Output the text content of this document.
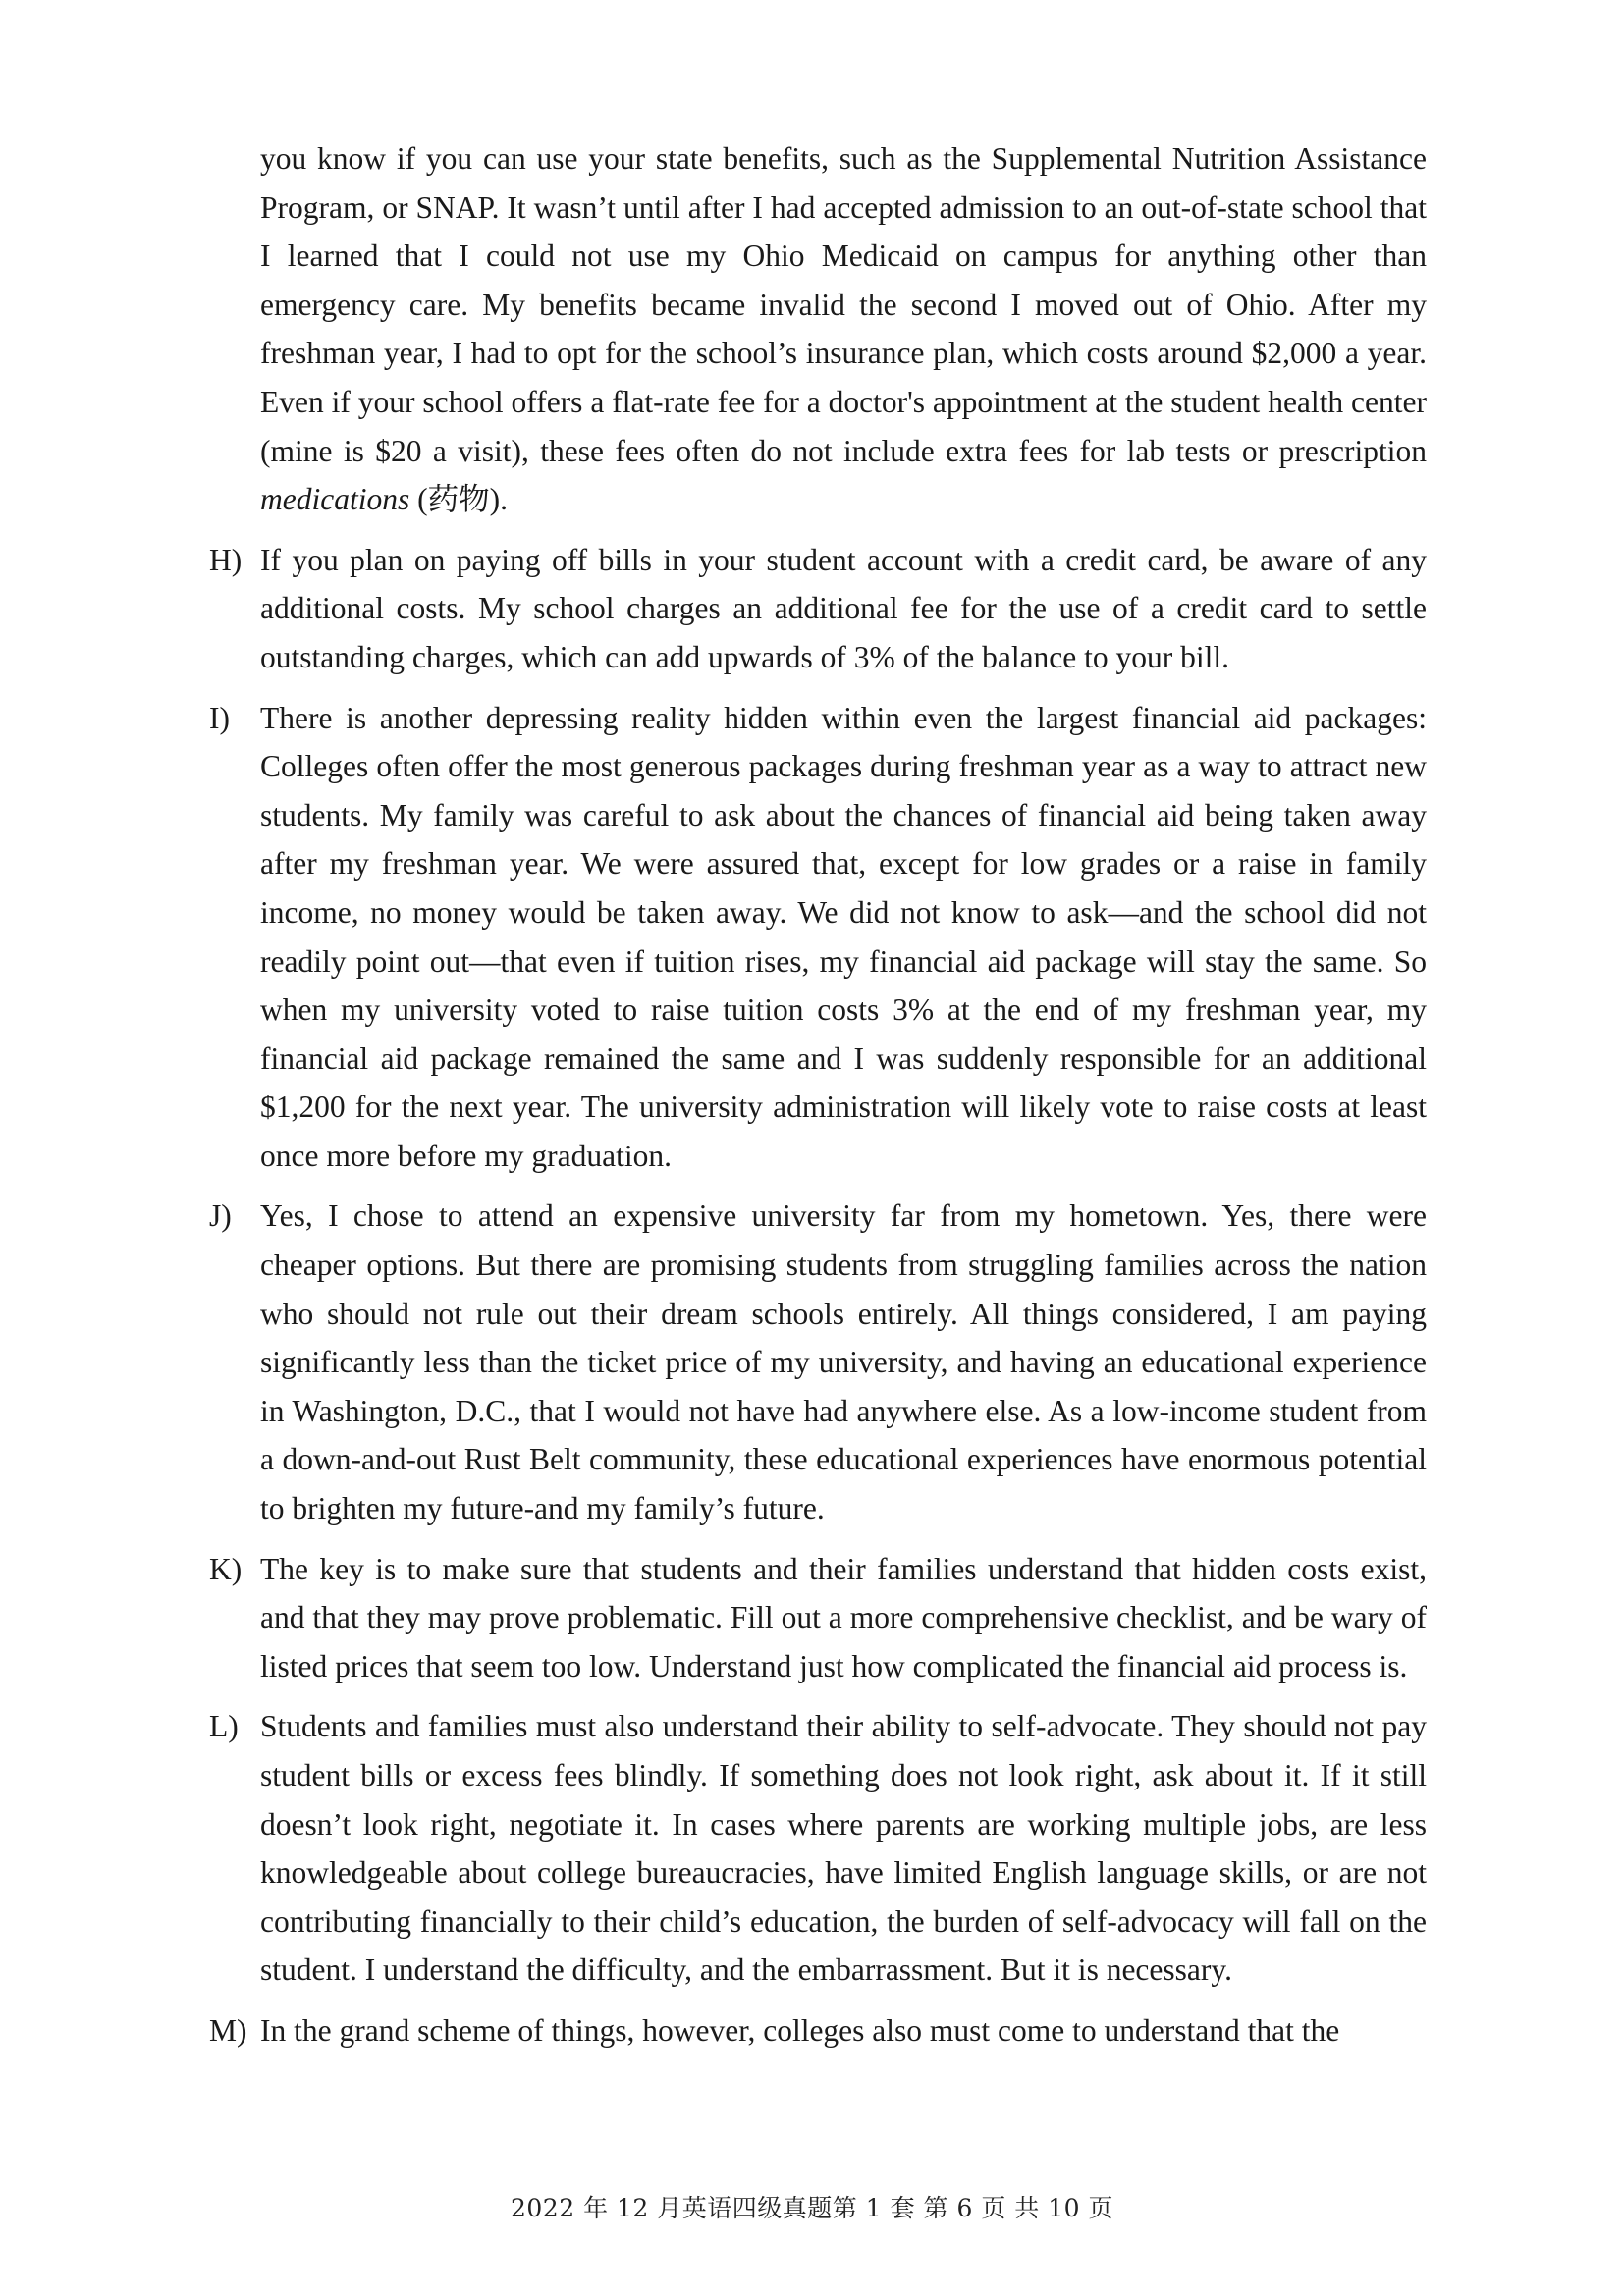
you know if you can use your state benefits, such as the Supplemental Nutrition Assistance Program, or SNAP. It wasn’t until after I had accepted admission to an out-of-state school that I learned that I could not use my Ohio Medicaid on campus for anything other than emergency care. My benefits became invalid the second I moved out of Ohio. After my freshman year, I had to opt for the school’s insurance plan, which costs around $2,000 a year. Even if your school offers a flat-rate fee for a doctor's appointment at the student health center (mine is $20 a visit), these fees often do not include extra fees for lab tests or prescription medications (药物).

H) If you plan on paying off bills in your student account with a credit card, be aware of any additional costs. My school charges an additional fee for the use of a credit card to settle outstanding charges, which can add upwards of 3% of the balance to your bill.

I) There is another depressing reality hidden within even the largest financial aid packages: Colleges often offer the most generous packages during freshman year as a way to attract new students. My family was careful to ask about the chances of financial aid being taken away after my freshman year. We were assured that, except for low grades or a raise in family income, no money would be taken away. We did not know to ask—and the school did not readily point out—that even if tuition rises, my financial aid package will stay the same. So when my university voted to raise tuition costs 3% at the end of my freshman year, my financial aid package remained the same and I was suddenly responsible for an additional $1,200 for the next year. The university administration will likely vote to raise costs at least once more before my graduation.

J) Yes, I chose to attend an expensive university far from my hometown. Yes, there were cheaper options. But there are promising students from struggling families across the nation who should not rule out their dream schools entirely. All things considered, I am paying significantly less than the ticket price of my university, and having an educational experience in Washington, D.C., that I would not have had anywhere else. As a low-income student from a down-and-out Rust Belt community, these educational experiences have enormous potential to brighten my future-and my family’s future.

K) The key is to make sure that students and their families understand that hidden costs exist, and that they may prove problematic. Fill out a more comprehensive checklist, and be wary of listed prices that seem too low. Understand just how complicated the financial aid process is.

L) Students and families must also understand their ability to self-advocate. They should not pay student bills or excess fees blindly. If something does not look right, ask about it. If it still doesn’t look right, negotiate it. In cases where parents are working multiple jobs, are less knowledgeable about college bureaucracies, have limited English language skills, or are not contributing financially to their child’s education, the burden of self-advocacy will fall on the student. I understand the difficulty, and the embarrassment. But it is necessary.

M) In the grand scheme of things, however, colleges also must come to understand that the

2022 年 12 月英语四级真题第 1 套 第 6 页 共 10 页
